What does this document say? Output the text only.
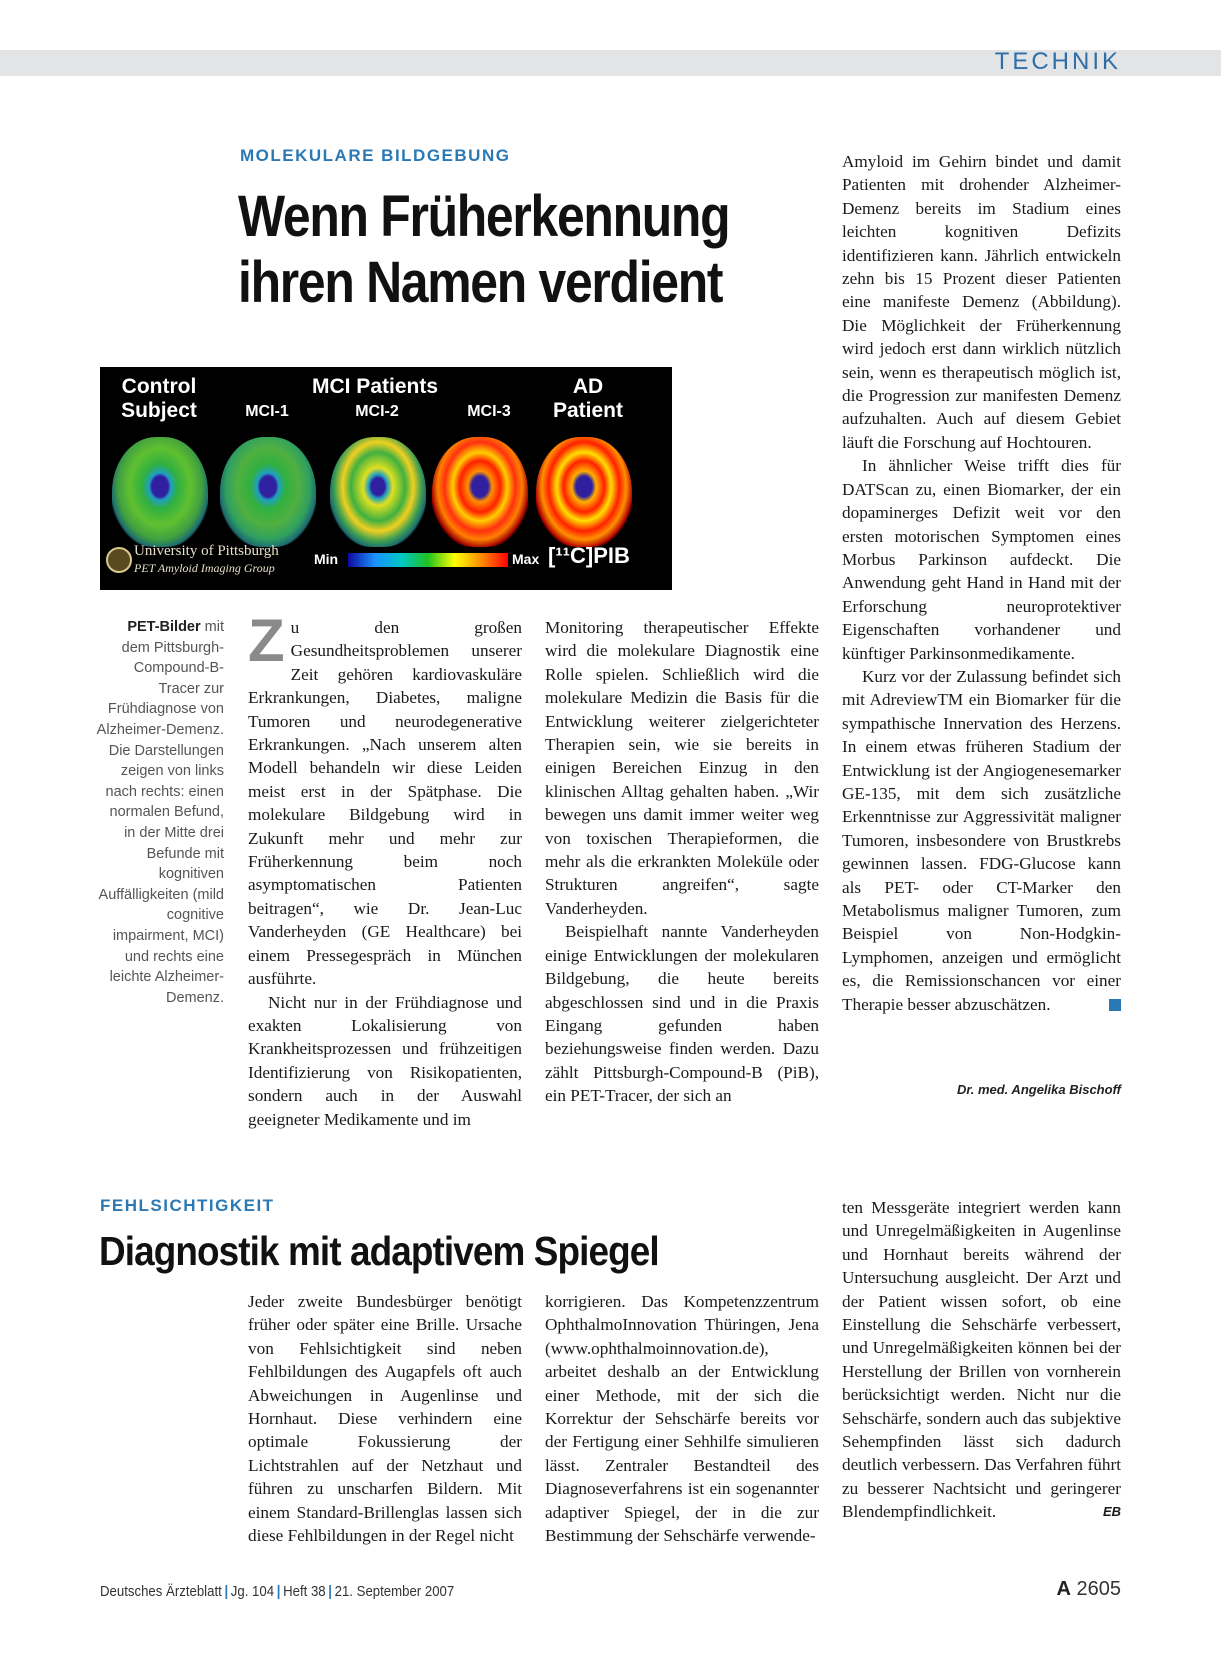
TECHNIK
MOLEKULARE BILDGEBUNG
Wenn Früherkennung
ihren Namen verdient
Control Subject
MCI Patients
MCI-1	MCI-2	MCI-3
AD Patient
University of Pittsburgh
PET Amyloid Imaging Group
Min	Max [¹¹C]PIB
PET-Bilder mit dem Pittsburgh-Compound-B-Tracer zur Frühdiagnose von Alzheimer-Demenz. Die Darstellungen zeigen von links nach rechts: einen normalen Befund, in der Mitte drei Befunde mit kognitiven Auffälligkeiten (mild cognitive impairment, MCI) und rechts eine leichte Alzheimer-Demenz.

Zu den großen Gesundheitsproblemen unserer Zeit gehören kardiovaskuläre Erkrankungen, Diabetes, maligne Tumoren und neurodegenerative Erkrankungen. „Nach unserem alten Modell behandeln wir diese Leiden meist erst in der Spätphase. Die molekulare Bildgebung wird in Zukunft mehr und mehr zur Früherkennung beim noch asymptomatischen Patienten beitragen“, wie Dr. Jean-Luc Vanderheyden (GE Healthcare) bei einem Pressegespräch in München ausführte.

Nicht nur in der Frühdiagnose und exakten Lokalisierung von Krankheitsprozessen und frühzeitigen Identifizierung von Risikopatienten, sondern auch in der Auswahl geeigneter Medikamente und im

Monitoring therapeutischer Effekte wird die molekulare Diagnostik eine Rolle spielen. Schließlich wird die molekulare Medizin die Basis für die Entwicklung weiterer zielgerichteter Therapien sein, wie sie bereits in einigen Bereichen Einzug in den klinischen Alltag gehalten haben. „Wir bewegen uns damit immer weiter weg von toxischen Therapieformen, die mehr als die erkrankten Moleküle oder Strukturen angreifen“, sagte Vanderheyden.

Beispielhaft nannte Vanderheyden einige Entwicklungen der molekularen Bildgebung, die heute bereits abgeschlossen sind und in die Praxis Eingang gefunden haben beziehungsweise finden werden. Dazu zählt Pittsburgh-Compound-B (PiB), ein PET-Tracer, der sich an

Amyloid im Gehirn bindet und damit Patienten mit drohender Alzheimer-Demenz bereits im Stadium eines leichten kognitiven Defizits identifizieren kann. Jährlich entwickeln zehn bis 15 Prozent dieser Patienten eine manifeste Demenz (Abbildung). Die Möglichkeit der Früherkennung wird jedoch erst dann wirklich nützlich sein, wenn es therapeutisch möglich ist, die Progression zur manifesten Demenz aufzuhalten. Auch auf diesem Gebiet läuft die Forschung auf Hochtouren.

In ähnlicher Weise trifft dies für DATScan zu, einen Biomarker, der ein dopaminerges Defizit weit vor den ersten motorischen Symptomen eines Morbus Parkinson aufdeckt. Die Anwendung geht Hand in Hand mit der Erforschung neuroprotektiver Eigenschaften vorhandener und künftiger Parkinsonmedikamente.

Kurz vor der Zulassung befindet sich mit AdreviewTM ein Biomarker für die sympathische Innervation des Herzens. In einem etwas früheren Stadium der Entwicklung ist der Angiogenesemarker GE-135, mit dem sich zusätzliche Erkenntnisse zur Aggressivität maligner Tumoren, insbesondere von Brustkrebs gewinnen lassen. FDG-Glucose kann als PET- oder CT-Marker den Metabolismus maligner Tumoren, zum Beispiel von Non-Hodgkin-Lymphomen, anzeigen und ermöglicht es, die Remissionschancen vor einer Therapie besser abzuschätzen.

Dr. med. Angelika Bischoff
FEHLSICHTIGKEIT
Diagnostik mit adaptivem Spiegel

Jeder zweite Bundesbürger benötigt früher oder später eine Brille. Ursache von Fehlsichtigkeit sind neben Fehlbildungen des Augapfels oft auch Abweichungen in Augenlinse und Hornhaut. Diese verhindern eine optimale Fokussierung der Lichtstrahlen auf der Netzhaut und führen zu unscharfen Bildern. Mit einem Standard-Brillenglas lassen sich diese Fehlbildungen in der Regel nicht

korrigieren. Das Kompetenzzentrum OphthalmoInnovation Thüringen, Jena (www.ophthalmoinnovation.de), arbeitet deshalb an der Entwicklung einer Methode, mit der sich die Korrektur der Sehschärfe bereits vor der Fertigung einer Sehhilfe simulieren lässt. Zentraler Bestandteil des Diagnoseverfahrens ist ein sogenannter adaptiver Spiegel, der in die zur Bestimmung der Sehschärfe verwende-

ten Messgeräte integriert werden kann und Unregelmäßigkeiten in Augenlinse und Hornhaut bereits während der Untersuchung ausgleicht. Der Arzt und der Patient wissen sofort, ob eine Einstellung die Sehschärfe verbessert, und Unregelmäßigkeiten können bei der Herstellung der Brillen von vornherein berücksichtigt werden. Nicht nur die Sehschärfe, sondern auch das subjektive Sehempfinden lässt sich dadurch deutlich verbessern. Das Verfahren führt zu besserer Nachtsicht und geringerer Blendempfindlichkeit.	EB

Deutsches Ärzteblatt | Jg. 104 | Heft 38 | 21. September 2007	A 2605
